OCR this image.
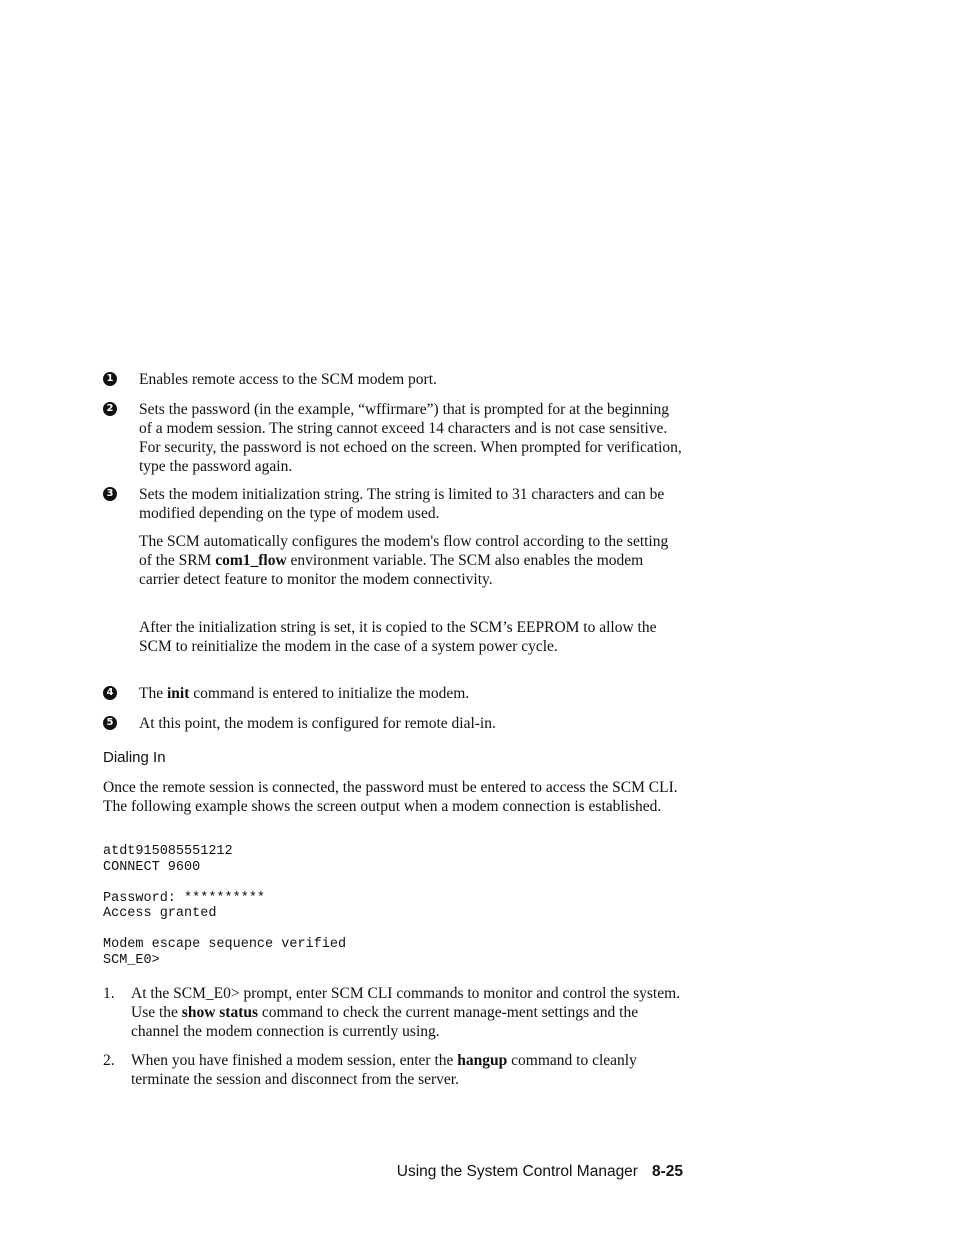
1 Enables remote access to the SCM modem port.
2 Sets the password (in the example, “wffirmare”) that is prompted for at the beginning of a modem session. The string cannot exceed 14 characters and is not case sensitive. For security, the password is not echoed on the screen. When prompted for verification, type the password again.
3 Sets the modem initialization string. The string is limited to 31 characters and can be modified depending on the type of modem used.
The SCM automatically configures the modem's flow control according to the setting of the SRM com1_flow environment variable. The SCM also enables the modem carrier detect feature to monitor the modem connectivity.
After the initialization string is set, it is copied to the SCM’s EEPROM to allow the SCM to reinitialize the modem in the case of a system power cycle.
4 The init command is entered to initialize the modem.
5 At this point, the modem is configured for remote dial-in.
Dialing In
Once the remote session is connected, the password must be entered to access the SCM CLI. The following example shows the screen output when a modem connection is established.
atdt915085551212
CONNECT 9600

Password: **********
Access granted

Modem escape sequence verified
SCM_E0>
1. At the SCM_E0> prompt, enter SCM CLI commands to monitor and control the system. Use the show status command to check the current manage-ment settings and the channel the modem connection is currently using.
2. When you have finished a modem session, enter the hangup command to cleanly terminate the session and disconnect from the server.
Using the System Control Manager 8-25
